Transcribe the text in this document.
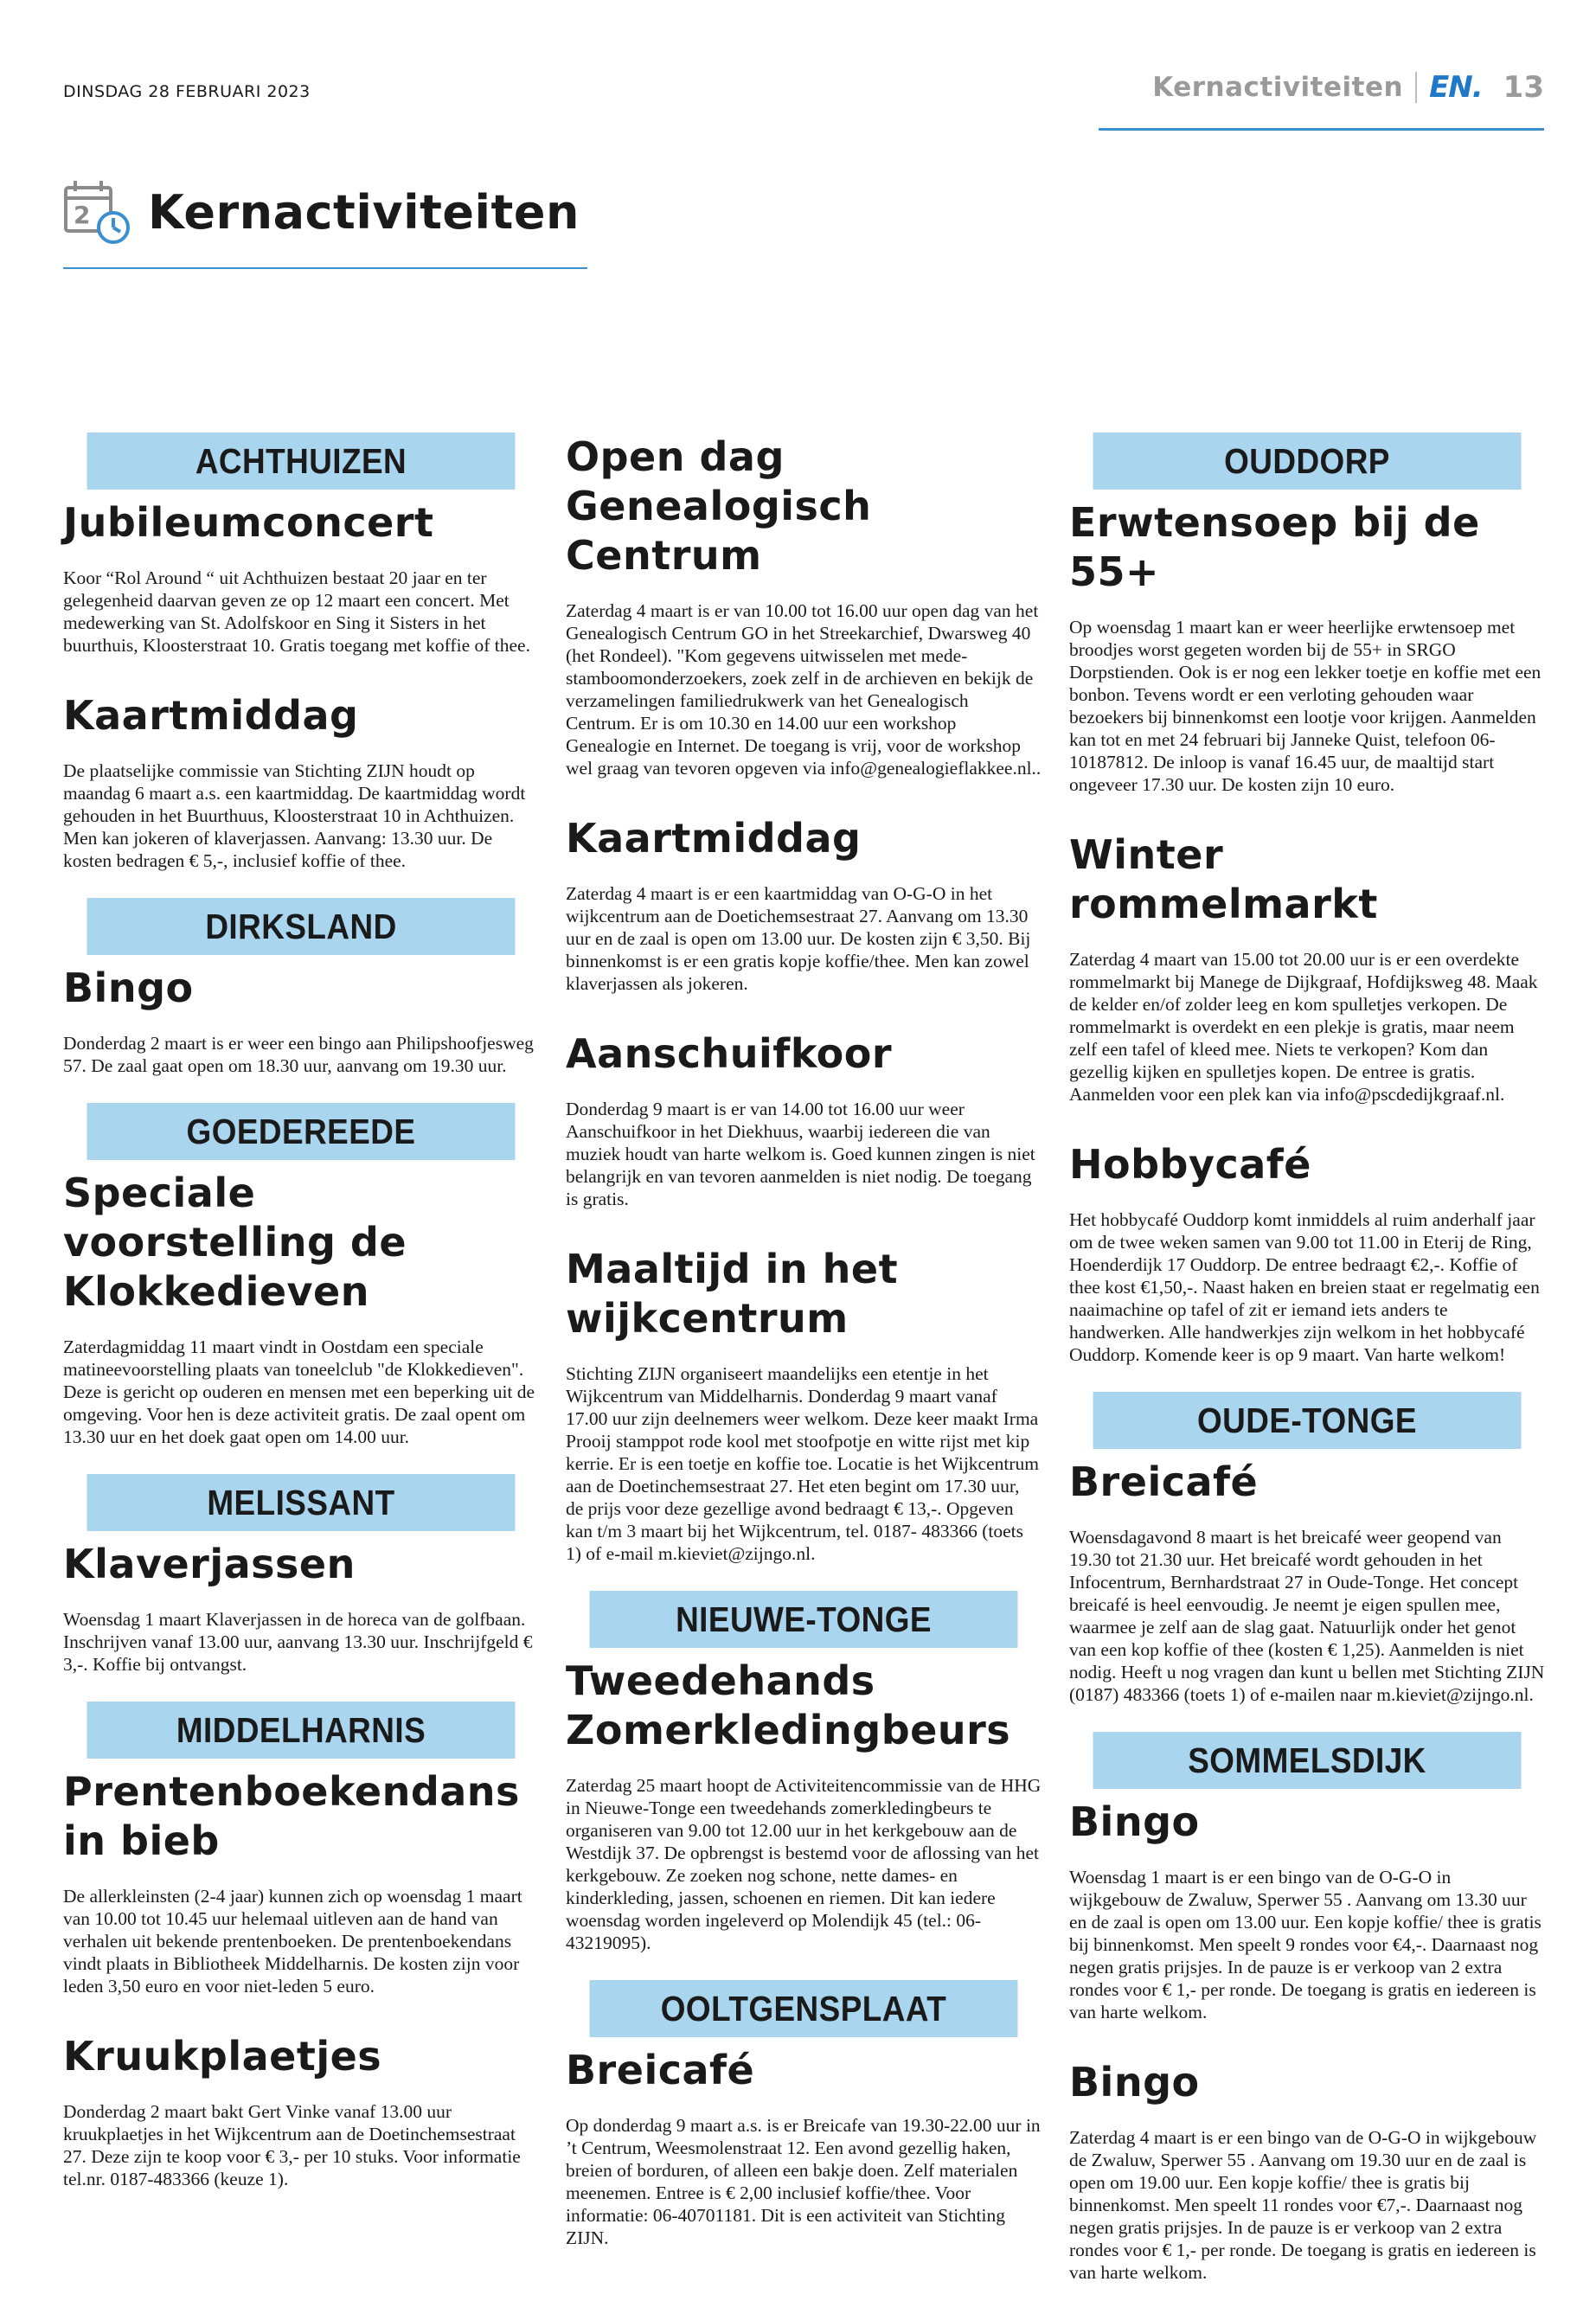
DINSDAG 28 FEBRUARI 2023	Kernactiviteiten EN. 13
2 Kernactiviteiten
ACHTHUIZEN
Jubileumconcert

Koor “Rol Around “ uit Achthuizen bestaat 20 jaar en ter gelegenheid daarvan geven ze op 12 maart een concert. Met medewerking van St. Adolfskoor en Sing it Sisters in het buurthuis, Kloosterstraat 10. Gratis toegang met koffie of thee.

Kaartmiddag

De plaatselijke commissie van Stichting ZIJN houdt op maandag 6 maart a.s. een kaartmiddag. De kaartmiddag wordt gehouden in het Buurthuus, Kloosterstraat 10 in Achthuizen. Men kan jokeren of klaverjassen. Aanvang: 13.30 uur. De kosten bedragen € 5,-, inclusief koffie of thee.

DIRKSLAND
Bingo

Donderdag 2 maart is er weer een bingo aan Philipshoofjesweg 57. De zaal gaat open om 18.30 uur, aanvang om 19.30 uur.

GOEDEREEDE
Speciale voorstelling de Klokkedieven

Zaterdagmiddag 11 maart vindt in Oostdam een speciale matineevoorstelling plaats van toneelclub "de Klokkedieven". Deze is gericht op ouderen en mensen met een beperking uit de omgeving. Voor hen is deze activiteit gratis. De zaal opent om 13.30 uur en het doek gaat open om 14.00 uur.

MELISSANT
Klaverjassen

Woensdag 1 maart Klaverjassen in de horeca van de golfbaan. Inschrijven vanaf 13.00 uur, aanvang 13.30 uur. Inschrijfgeld € 3,-. Koffie bij ontvangst.

MIDDELHARNIS
Prentenboekendans in bieb

De allerkleinsten (2-4 jaar) kunnen zich op woensdag 1 maart van 10.00 tot 10.45 uur helemaal uitleven aan de hand van verhalen uit bekende prentenboeken. De prentenboekendans vindt plaats in Bibliotheek Middelharnis. De kosten zijn voor leden 3,50 euro en voor niet-leden 5 euro.

Kruukplaetjes

Donderdag 2 maart bakt Gert Vinke vanaf 13.00 uur kruukplaetjes in het Wijkcentrum aan de Doetinchemsestraat 27. Deze zijn te koop voor € 3,- per 10 stuks. Voor informatie tel.nr. 0187-483366 (keuze 1).

Open dag Genealogisch Centrum

Zaterdag 4 maart is er van 10.00 tot 16.00 uur open dag van het Genealogisch Centrum GO in het Streekarchief, Dwarsweg 40 (het Rondeel). "Kom gegevens uitwisselen met mede-stamboomonderzoekers, zoek zelf in de archieven en bekijk de verzamelingen familiedrukwerk van het Genealogisch Centrum. Er is om 10.30 en 14.00 uur een workshop Genealogie en Internet. De toegang is vrij, voor de workshop wel graag van tevoren opgeven via info@genealogieflakkee.nl..

Kaartmiddag

Zaterdag 4 maart is er een kaartmiddag van O-G-O in het wijkcentrum aan de Doetichemsestraat 27. Aanvang om 13.30 uur en de zaal is open om 13.00 uur. De kosten zijn € 3,50. Bij binnenkomst is er een gratis kopje koffie/thee. Men kan zowel klaverjassen als jokeren.

Aanschuifkoor

Donderdag 9 maart is er van 14.00 tot 16.00 uur weer Aanschuifkoor in het Diekhuus, waarbij iedereen die van muziek houdt van harte welkom is. Goed kunnen zingen is niet belangrijk en van tevoren aanmelden is niet nodig. De toegang is gratis.

Maaltijd in het wijkcentrum

Stichting ZIJN organiseert maandelijks een etentje in het Wijkcentrum van Middelharnis. Donderdag 9 maart vanaf 17.00 uur zijn deelnemers weer welkom. Deze keer maakt Irma Prooij stamppot rode kool met stoofpotje en witte rijst met kip kerrie. Er is een toetje en koffie toe. Locatie is het Wijkcentrum aan de Doetinchemsestraat 27. Het eten begint om 17.30 uur, de prijs voor deze gezellige avond bedraagt € 13,-. Opgeven kan t/m 3 maart bij het Wijkcentrum, tel. 0187- 483366 (toets 1) of e-mail m.kieviet@zijngo.nl.

NIEUWE-TONGE
Tweedehands Zomerkledingbeurs

Zaterdag 25 maart hoopt de Activiteitencommissie van de HHG in Nieuwe-Tonge een tweedehands zomerkledingbeurs te organiseren van 9.00 tot 12.00 uur in het kerkgebouw aan de Westdijk 37. De opbrengst is bestemd voor de aflossing van het kerkgebouw. Ze zoeken nog schone, nette dames- en kinderkleding, jassen, schoenen en riemen. Dit kan iedere woensdag worden ingeleverd op Molendijk 45 (tel.: 06-43219095).

OOLTGENSPLAAT
Breicafé

Op donderdag 9 maart a.s. is er Breicafe van 19.30-22.00 uur in ’t Centrum, Weesmolenstraat 12. Een avond gezellig haken, breien of borduren, of alleen een bakje doen. Zelf materialen meenemen. Entree is € 2,00 inclusief koffie/thee. Voor informatie: 06-40701181. Dit is een activiteit van Stichting ZIJN.

OUDDORP
Erwtensoep bij de 55+

Op woensdag 1 maart kan er weer heerlijke erwtensoep met broodjes worst gegeten worden bij de 55+ in SRGO Dorpstienden. Ook is er nog een lekker toetje en koffie met een bonbon. Tevens wordt er een verloting gehouden waar bezoekers bij binnenkomst een lootje voor krijgen. Aanmelden kan tot en met 24 februari bij Janneke Quist, telefoon 06-10187812. De inloop is vanaf 16.45 uur, de maaltijd start ongeveer 17.30 uur. De kosten zijn 10 euro.

Winter rommelmarkt

Zaterdag 4 maart van 15.00 tot 20.00 uur is er een overdekte rommelmarkt bij Manege de Dijkgraaf, Hofdijksweg 48. Maak de kelder en/of zolder leeg en kom spulletjes verkopen. De rommelmarkt is overdekt en een plekje is gratis, maar neem zelf een tafel of kleed mee. Niets te verkopen? Kom dan gezellig kijken en spulletjes kopen. De entree is gratis. Aanmelden voor een plek kan via info@pscdedijkgraaf.nl.

Hobbycafé

Het hobbycafé Ouddorp komt inmiddels al ruim anderhalf jaar om de twee weken samen van 9.00 tot 11.00 in Eterij de Ring, Hoenderdijk 17 Ouddorp. De entree bedraagt €2,-. Koffie of thee kost €1,50,-. Naast haken en breien staat er regelmatig een naaimachine op tafel of zit er iemand iets anders te handwerken. Alle handwerkjes zijn welkom in het hobbycafé Ouddorp. Komende keer is op 9 maart. Van harte welkom!

OUDE-TONGE
Breicafé

Woensdagavond 8 maart is het breicafé weer geopend van 19.30 tot 21.30 uur. Het breicafé wordt gehouden in het Infocentrum, Bernhardstraat 27 in Oude-Tonge. Het concept breicafé is heel eenvoudig. Je neemt je eigen spullen mee, waarmee je zelf aan de slag gaat. Natuurlijk onder het genot van een kop koffie of thee (kosten € 1,25). Aanmelden is niet nodig. Heeft u nog vragen dan kunt u bellen met Stichting ZIJN (0187) 483366 (toets 1) of e-mailen naar m.kieviet@zijngo.nl.

SOMMELSDIJK
Bingo

Woensdag 1 maart is er een bingo van de O-G-O in wijkgebouw de Zwaluw, Sperwer 55 . Aanvang om 13.30 uur en de zaal is open om 13.00 uur. Een kopje koffie/ thee is gratis bij binnenkomst. Men speelt 9 rondes voor €4,-. Daarnaast nog negen gratis prijsjes. In de pauze is er verkoop van 2 extra rondes voor € 1,- per ronde. De toegang is gratis en iedereen is van harte welkom.

Bingo

Zaterdag 4 maart is er een bingo van de O-G-O in wijkgebouw de Zwaluw, Sperwer 55 . Aanvang om 19.30 uur en de zaal is open om 19.00 uur. Een kopje koffie/ thee is gratis bij binnenkomst. Men speelt 11 rondes voor €7,-. Daarnaast nog negen gratis prijsjes. In de pauze is er verkoop van 2 extra rondes voor € 1,- per ronde. De toegang is gratis en iedereen is van harte welkom.
